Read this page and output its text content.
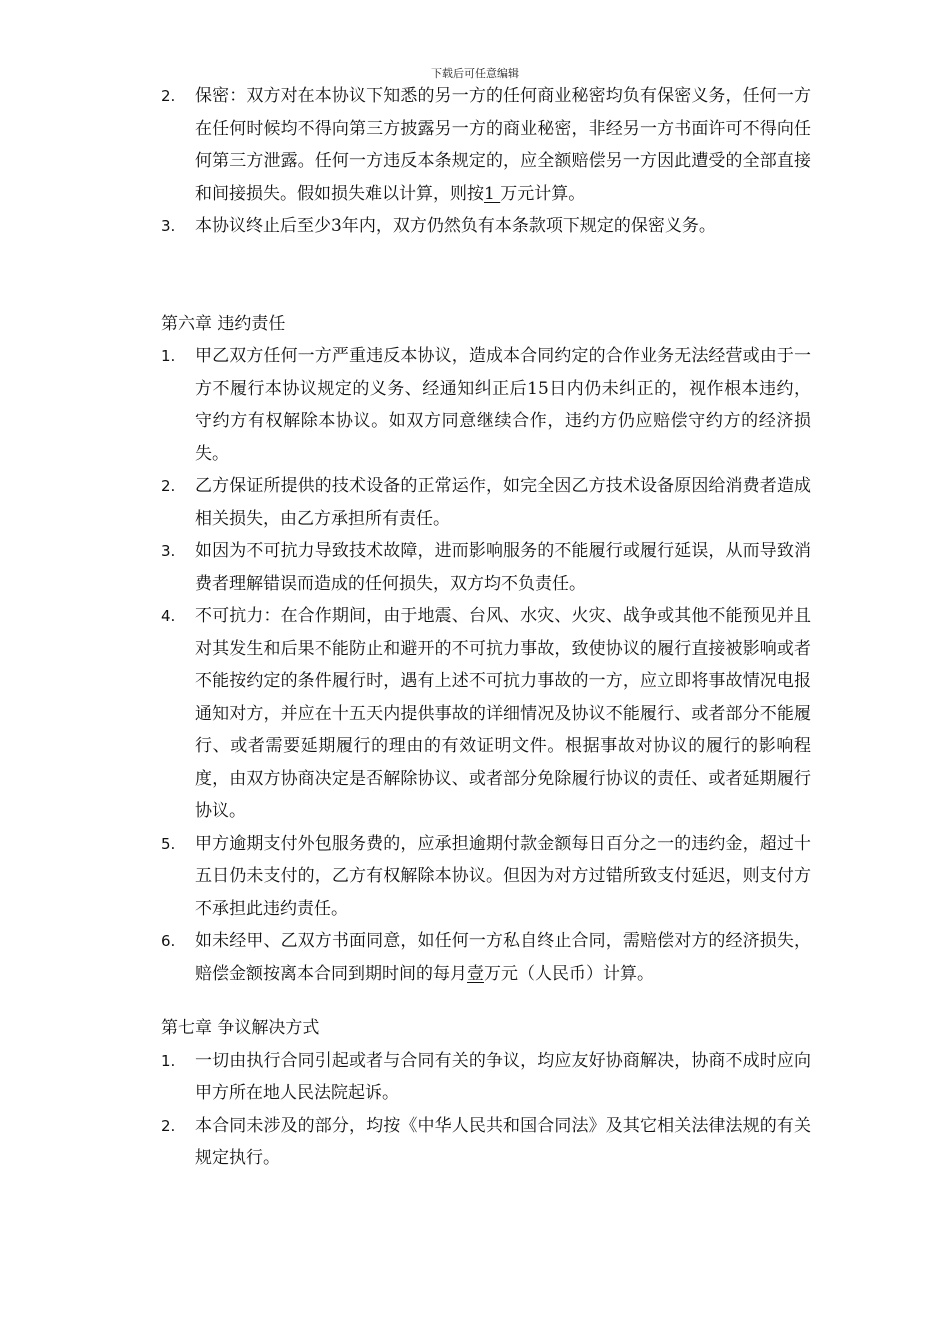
下载后可任意编辑
2.	保密：双方对在本协议下知悉的另一方的任何商业秘密均负有保密义务，任何一方在任何时候均不得向第三方披露另一方的商业秘密，非经另一方书面许可不得向任何第三方泄露。任何一方违反本条规定的，应全额赔偿另一方因此遭受的全部直接和间接损失。假如损失难以计算，则按1 万元计算。
3.	本协议终止后至少3年内，双方仍然负有本条款项下规定的保密义务。
第六章 违约责任
1.	甲乙双方任何一方严重违反本协议，造成本合同约定的合作业务无法经营或由于一方不履行本协议规定的义务、经通知纠正后15日内仍未纠正的，视作根本违约，守约方有权解除本协议。如双方同意继续合作，违约方仍应赔偿守约方的经济损失。
2.	乙方保证所提供的技术设备的正常运作，如完全因乙方技术设备原因给消费者造成相关损失，由乙方承担所有责任。
3.	如因为不可抗力导致技术故障，进而影响服务的不能履行或履行延误，从而导致消费者理解错误而造成的任何损失，双方均不负责任。
4.	不可抗力：在合作期间，由于地震、台风、水灾、火灾、战争或其他不能预见并且对其发生和后果不能防止和避开的不可抗力事故，致使协议的履行直接被影响或者不能按约定的条件履行时，遇有上述不可抗力事故的一方，应立即将事故情况电报通知对方，并应在十五天内提供事故的详细情况及协议不能履行、或者部分不能履行、或者需要延期履行的理由的有效证明文件。根据事故对协议的履行的影响程度，由双方协商决定是否解除协议、或者部分免除履行协议的责任、或者延期履行协议。
5.	甲方逾期支付外包服务费的，应承担逾期付款金额每日百分之一的违约金，超过十五日仍未支付的，乙方有权解除本协议。但因为对方过错所致支付延迟，则支付方不承担此违约责任。
6.	如未经甲、乙双方书面同意，如任何一方私自终止合同，需赔偿对方的经济损失，赔偿金额按离本合同到期时间的每月壹万元（人民币）计算。
第七章 争议解决方式
1.	一切由执行合同引起或者与合同有关的争议，均应友好协商解决，协商不成时应向甲方所在地人民法院起诉。
2.	本合同未涉及的部分，均按《中华人民共和国合同法》及其它相关法律法规的有关规定执行。
